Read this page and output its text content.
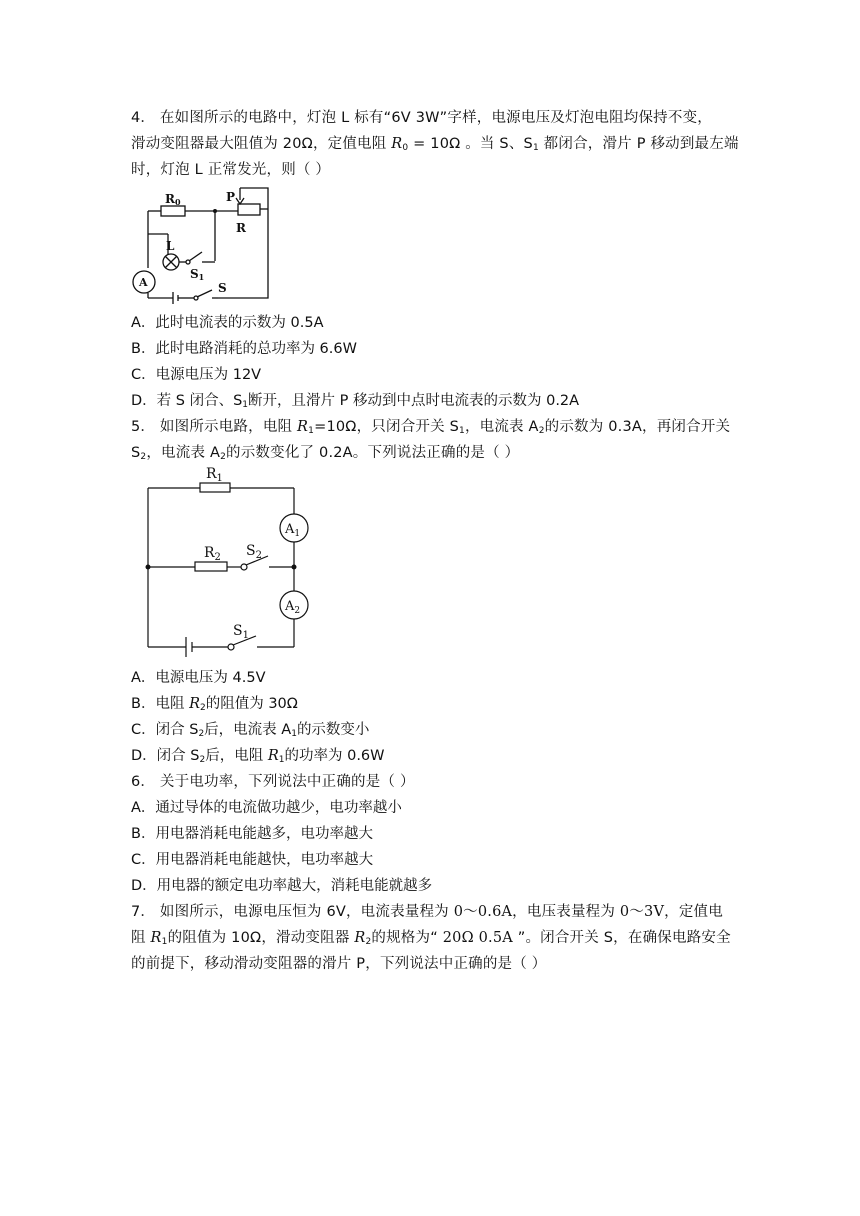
4． 在如图所示的电路中，灯泡 L 标有“6V 3W”字样，电源电压及灯泡电阻均保持不变，
滑动变阻器最大阻值为 20Ω，定值电阻 $R_0 = 10\Omega$ 。当 S、$S_1$ 都闭合，滑片 P 移动到最左端
时，灯泡 L 正常发光，则（ ）
R0	P
R
L
S1
A	S
A．此时电流表的示数为 0.5A
B．此时电路消耗的总功率为 6.6W
C．电源电压为 12V
D．若 S 闭合、$S_1$断开，且滑片 P 移动到中点时电流表的示数为 0.2A
5． 如图所示电路，电阻 $R_1=10\Omega$，只闭合开关 $S_1$，电流表 $A_2$的示数为 0.3A，再闭合开关
$S_2$，电流表 $A_2$的示数变化了 0.2A。下列说法正确的是（ ）
$R_1$
$R_2$ $S_2$
$A_1$
$A_2$
$S_1$
A．电源电压为 4.5V
B．电阻 $R_2$的阻值为 30Ω
C．闭合 $S_2$后，电流表 $A_1$的示数变小
D．闭合 $S_2$后，电阻 $R_1$的功率为 0.6W
6． 关于电功率，下列说法中正确的是（ ）
A．通过导体的电流做功越少，电功率越小
B．用电器消耗电能越多，电功率越大
C．用电器消耗电能越快，电功率越大
D．用电器的额定电功率越大，消耗电能就越多
7． 如图所示，电源电压恒为 6V，电流表量程为 0～0.6A，电压表量程为 0～3V，定值电
阻 $R_1$的阻值为 10Ω，滑动变阻器 $R_2$的规格为“ 20Ω 0.5A ”。闭合开关 S，在确保电路安全
的前提下，移动滑动变阻器的滑片 P，下列说法中正确的是（ ）
